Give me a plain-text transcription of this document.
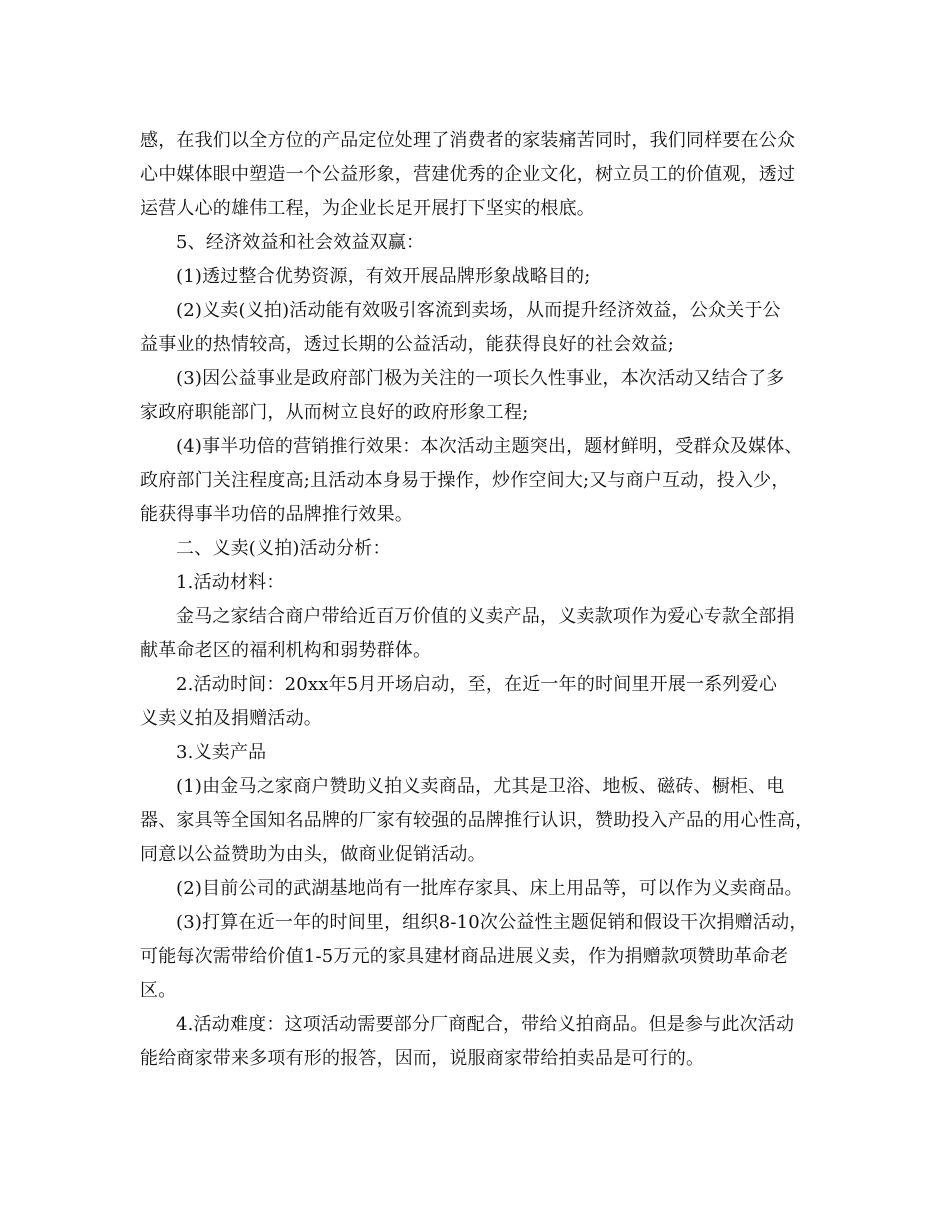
感，在我们以全方位的产品定位处理了消费者的家装痛苦同时，我们同样要在公众
心中媒体眼中塑造一个公益形象，营建优秀的企业文化，树立员工的价值观，透过
运营人心的雄伟工程，为企业长足开展打下坚实的根底。
5、经济效益和社会效益双赢：
(1)透过整合优势资源，有效开展品牌形象战略目的;
(2)义卖(义拍)活动能有效吸引客流到卖场，从而提升经济效益，公众关于公
益事业的热情较高，透过长期的公益活动，能获得良好的社会效益;
(3)因公益事业是政府部门极为关注的一项长久性事业，本次活动又结合了多
家政府职能部门，从而树立良好的政府形象工程;
(4)事半功倍的营销推行效果：本次活动主题突出，题材鲜明，受群众及媒体、
政府部门关注程度高;且活动本身易于操作，炒作空间大;又与商户互动，投入少，
能获得事半功倍的品牌推行效果。
二、义卖(义拍)活动分析：
1.活动材料：
金马之家结合商户带给近百万价值的义卖产品，义卖款项作为爱心专款全部捐
献革命老区的福利机构和弱势群体。
2.活动时间：20xx年5月开场启动，至，在近一年的时间里开展一系列爱心
义卖义拍及捐赠活动。
3.义卖产品
(1)由金马之家商户赞助义拍义卖商品，尤其是卫浴、地板、磁砖、橱柜、电
器、家具等全国知名品牌的厂家有较强的品牌推行认识，赞助投入产品的用心性高，
同意以公益赞助为由头，做商业促销活动。
(2)目前公司的武湖基地尚有一批库存家具、床上用品等，可以作为义卖商品。
(3)打算在近一年的时间里，组织8-10次公益性主题促销和假设干次捐赠活动，
可能每次需带给价值1-5万元的家具建材商品进展义卖，作为捐赠款项赞助革命老
区。
4.活动难度：这项活动需要部分厂商配合，带给义拍商品。但是参与此次活动
能给商家带来多项有形的报答，因而，说服商家带给拍卖品是可行的。
